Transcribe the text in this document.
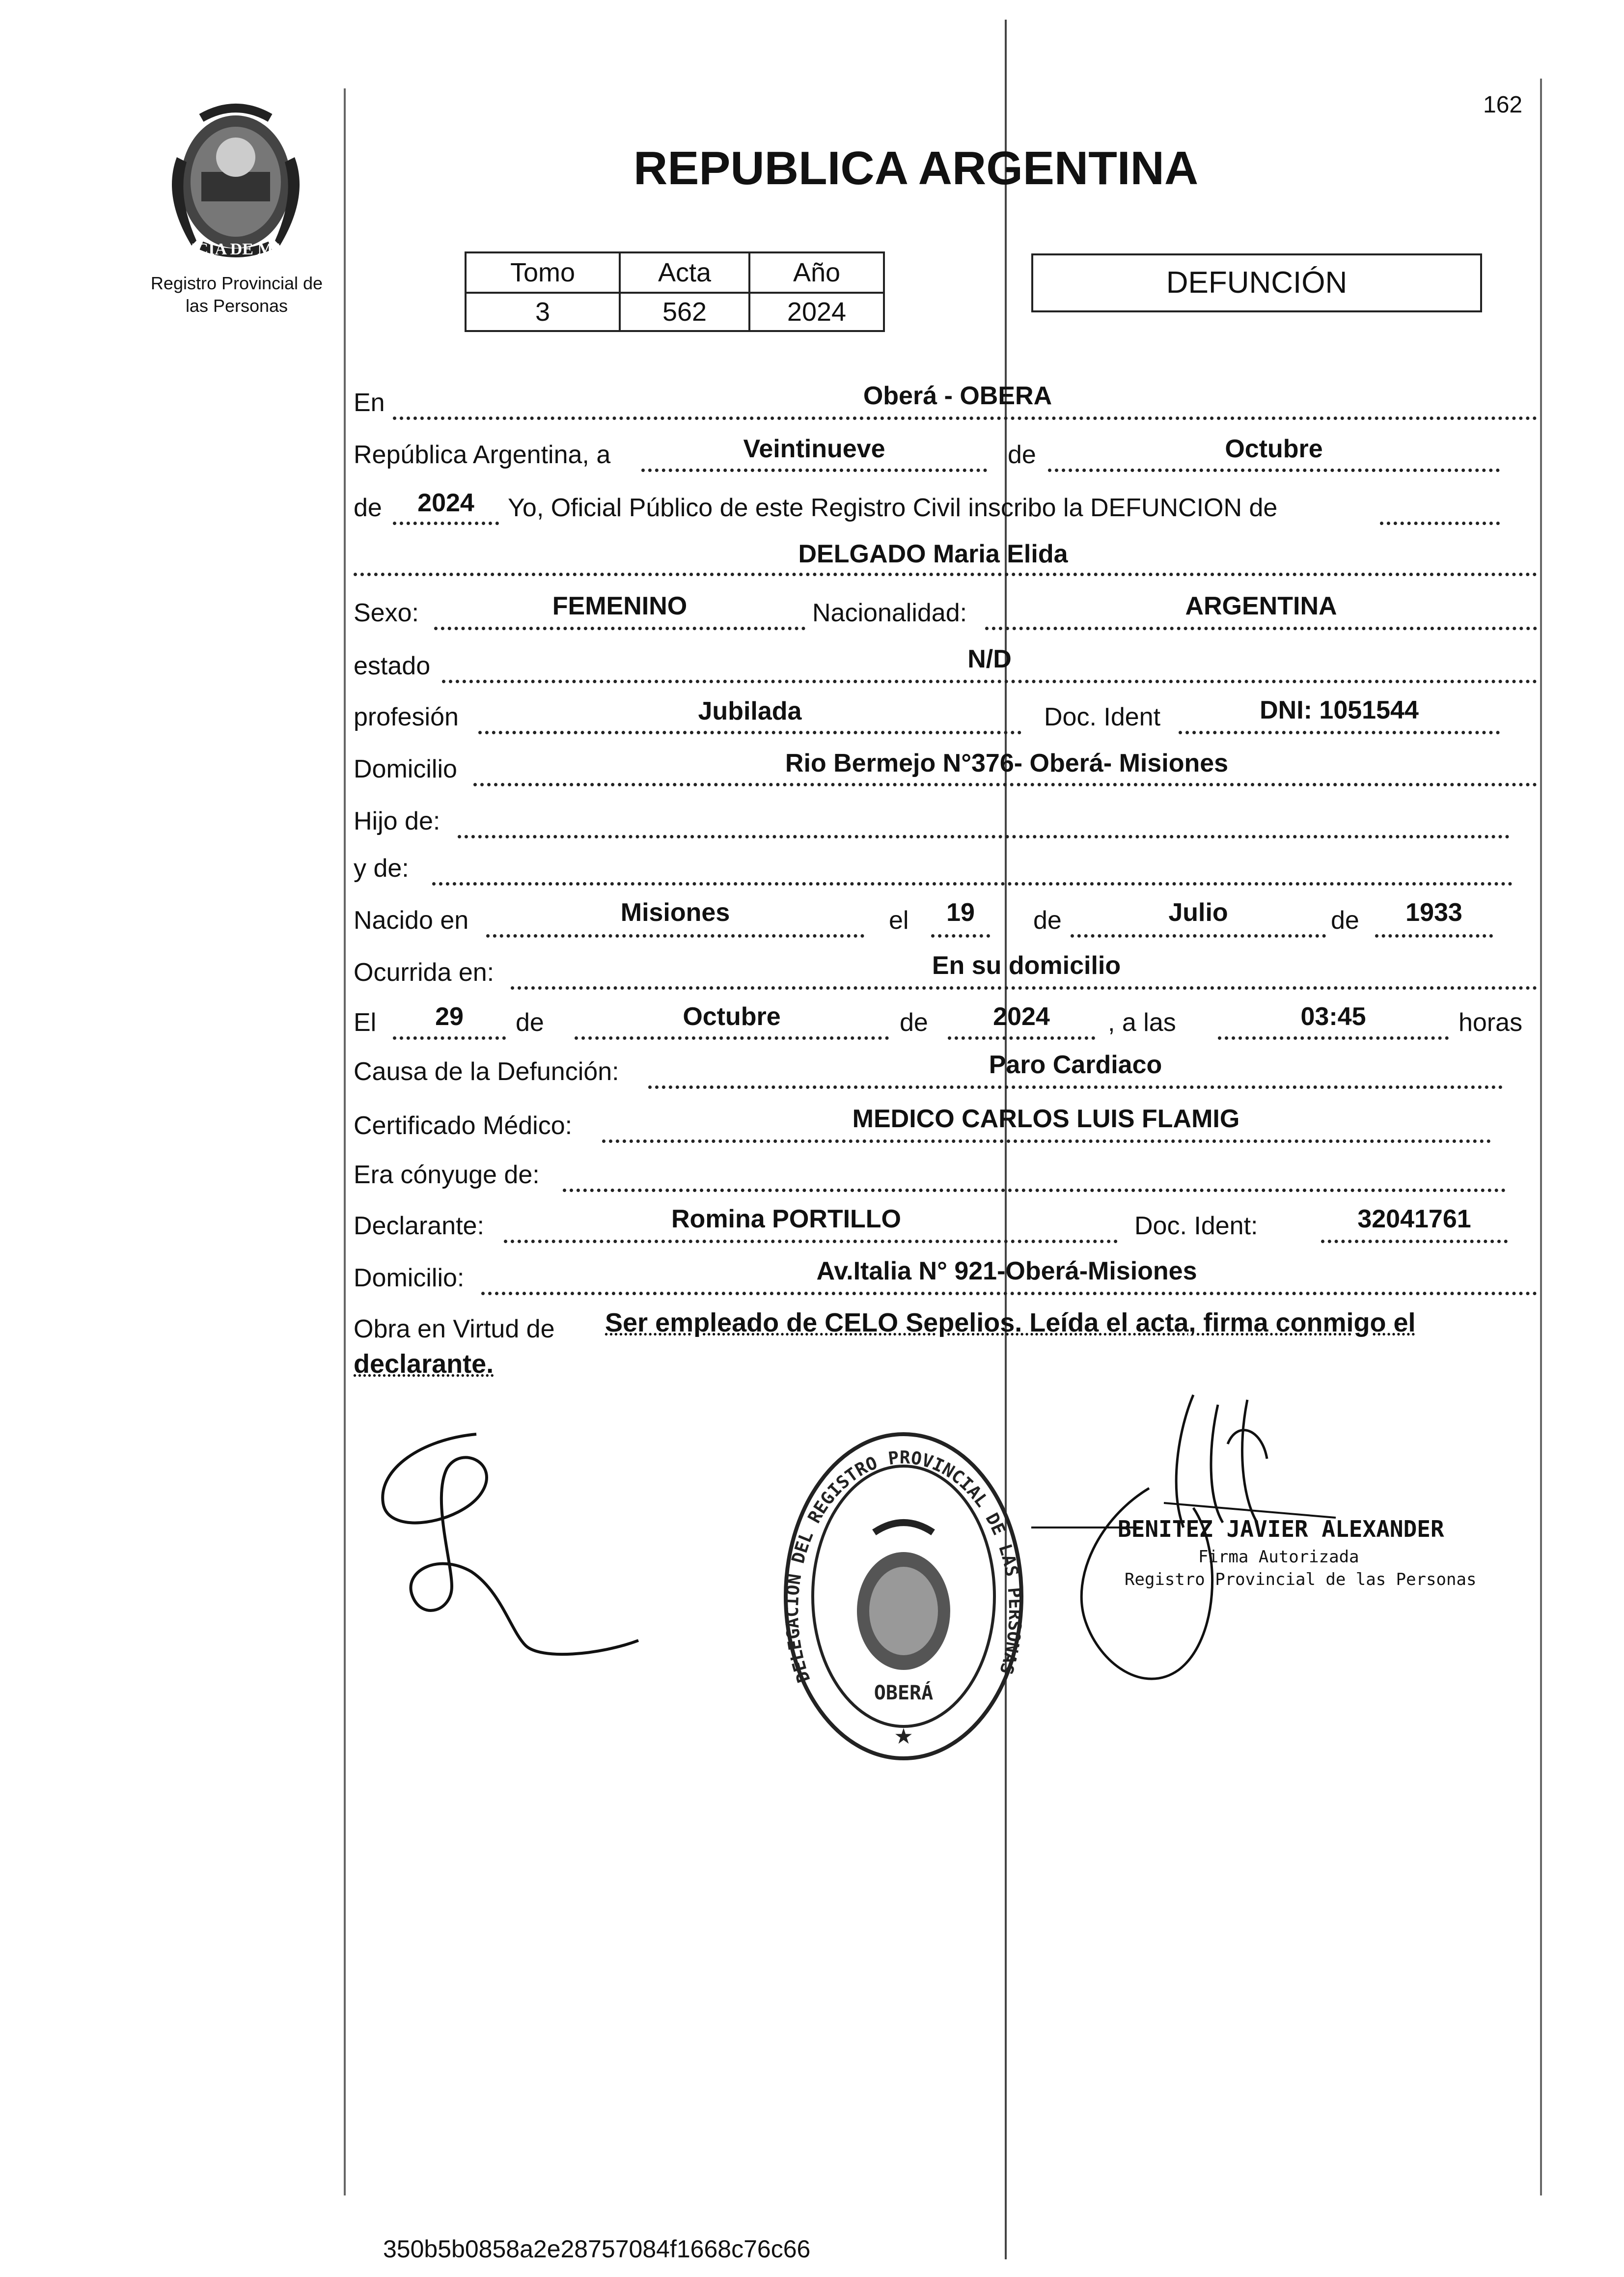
162
PROVINCIA DE MISIONES
Registro Provincial de
las Personas
REPUBLICA ARGENTINA
Tomo	Acta	Año
3	562	2024
DEFUNCIÓN
En	Oberá - OBERA
República Argentina, a	Veintinueve	de	Octubre
de	2024	Yo, Oficial Público de este Registro Civil inscribo la DEFUNCION de
DELGADO Maria Elida
Sexo:	FEMENINO	Nacionalidad:	ARGENTINA
estado	N/D
profesión	Jubilada	Doc. Ident	DNI: 1051544
Domicilio	Rio Bermejo N°376- Oberá- Misiones
Hijo de:
y de:
Nacido en	Misiones	el	19	de	Julio	de	1933
Ocurrida en:	En su domicilio
El	29	de	Octubre	de	2024	, a las	03:45	horas
Causa de la Defunción:	Paro Cardiaco
Certificado Médico:	MEDICO CARLOS LUIS FLAMIG
Era cónyuge de:
Declarante:	Romina PORTILLO	Doc. Ident:	32041761
Domicilio:	Av.Italia N° 921-Oberá-Misiones
Obra en Virtud de Ser empleado de CELO Sepelios. Leída el acta, firma conmigo el
declarante.
OBERÁ
★
DELEGACION DEL REGISTRO PROVINCIAL DE LAS PERSONAS
BENITEZ JAVIER ALEXANDER
Firma Autorizada
Registro Provincial de las Personas
350b5b0858a2e28757084f1668c76c66
